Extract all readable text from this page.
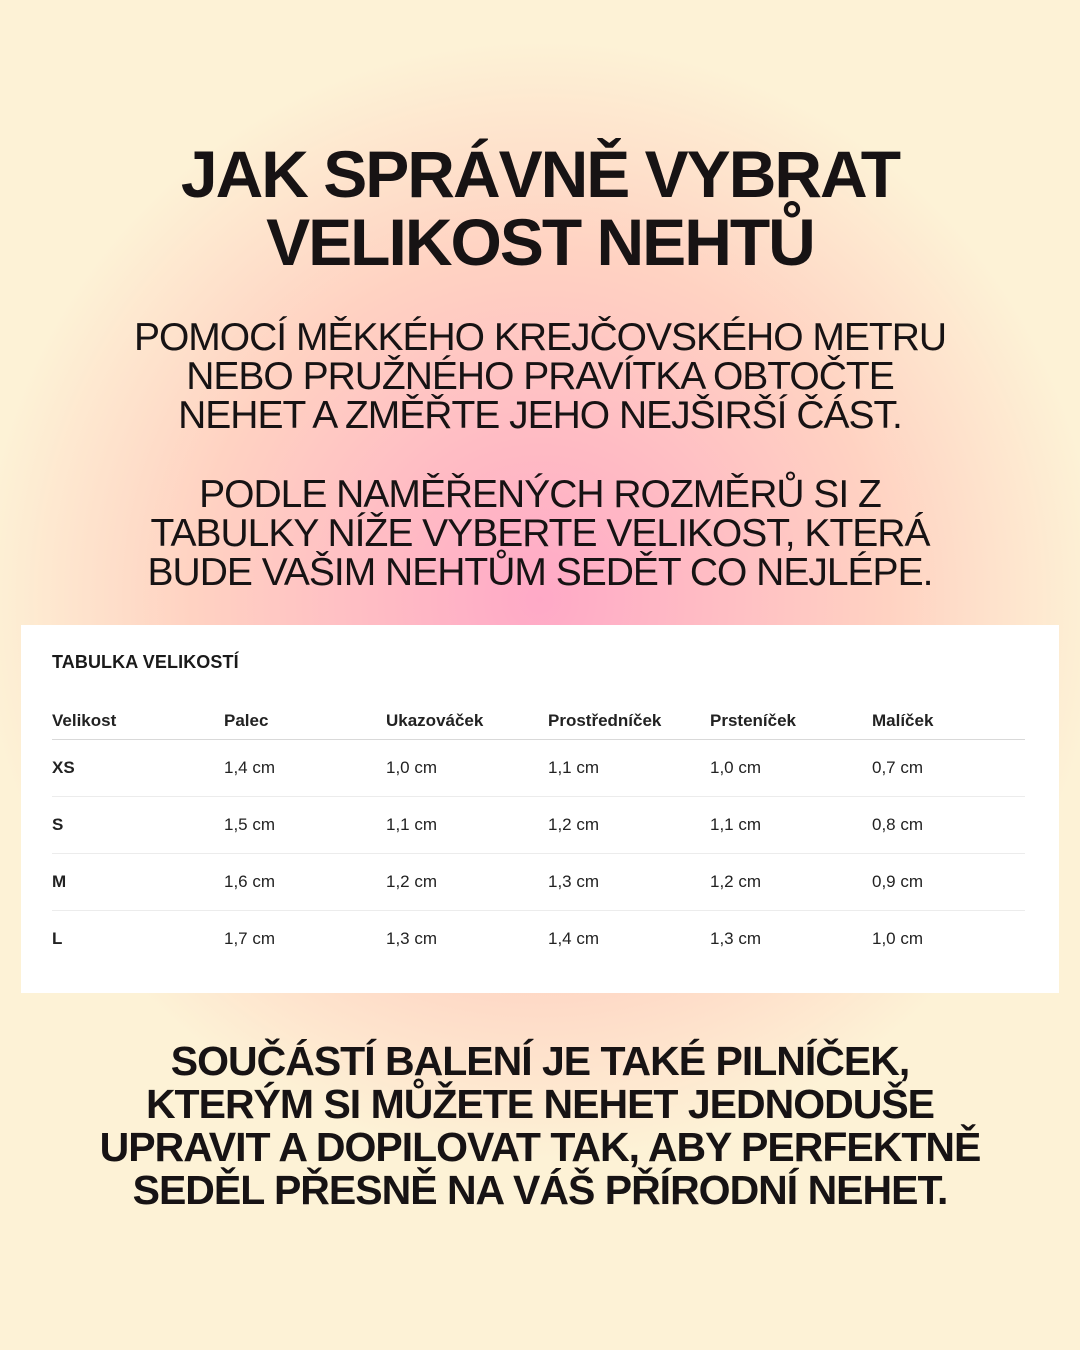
JAK SPRÁVNĚ VYBRAT
VELIKOST NEHTŮ

POMOCÍ MĚKKÉHO KREJČOVSKÉHO METRU
NEBO PRUŽNÉHO PRAVÍTKA OBTOČTE
NEHET A ZMĚŘTE JEHO NEJŠIRŠÍ ČÁST.

PODLE NAMĚŘENÝCH ROZMĚRŮ SI Z
TABULKY NÍŽE VYBERTE VELIKOST, KTERÁ
BUDE VAŠIM NEHTŮM SEDĚT CO NEJLÉPE.

TABULKA VELIKOSTÍ
Velikost	Palec	Ukazováček	Prostředníček	Prsteníček	Malíček
XS	1,4 cm	1,0 cm	1,1 cm	1,0 cm	0,7 cm
S	1,5 cm	1,1 cm	1,2 cm	1,1 cm	0,8 cm
M	1,6 cm	1,2 cm	1,3 cm	1,2 cm	0,9 cm
L	1,7 cm	1,3 cm	1,4 cm	1,3 cm	1,0 cm

SOUČÁSTÍ BALENÍ JE TAKÉ PILNÍČEK,
KTERÝM SI MŮŽETE NEHET JEDNODUŠE
UPRAVIT A DOPILOVAT TAK, ABY PERFEKTNĚ
SEDĚL PŘESNĚ NA VÁŠ PŘÍRODNÍ NEHET.
